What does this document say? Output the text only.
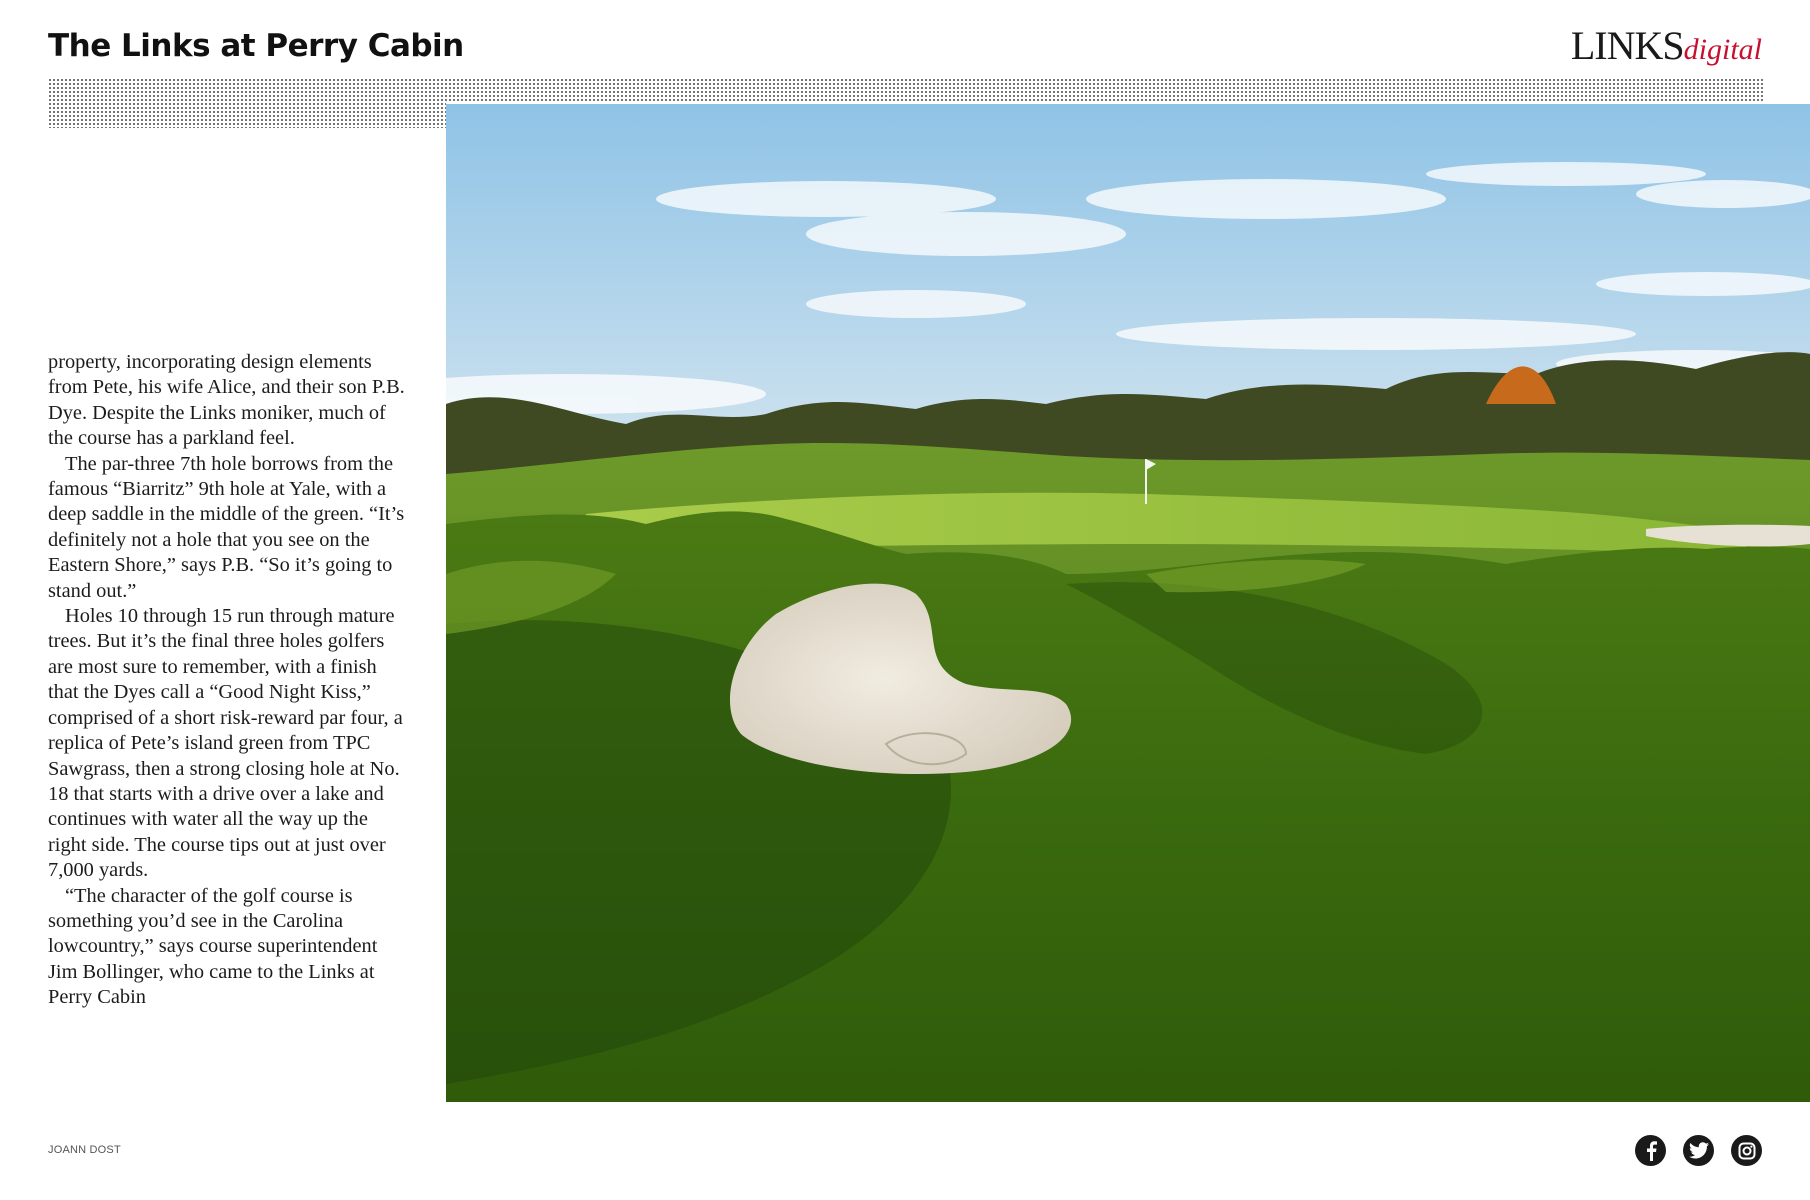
The Links at Perry Cabin	LINKSdigital

property, incorporating design elements from Pete, his wife Alice, and their son P.B. Dye. Despite the Links moniker, much of the course has a parkland feel.

The par-three 7th hole borrows from the famous “Biarritz” 9th hole at Yale, with a deep saddle in the middle of the green. “It’s definitely not a hole that you see on the Eastern Shore,” says P.B. “So it’s going to stand out.”

Holes 10 through 15 run through mature trees. But it’s the final three holes golfers are most sure to remember, with a finish that the Dyes call a “Good Night Kiss,” comprised of a short risk-reward par four, a replica of Pete’s island green from TPC Sawgrass, then a strong closing hole at No. 18 that starts with a drive over a lake and continues with water all the way up the right side. The course tips out at just over 7,000 yards.

“The character of the golf course is something you’d see in the Carolina lowcountry,” says course superintendent Jim Bollinger, who came to the Links at Perry Cabin

JOANN DOST
